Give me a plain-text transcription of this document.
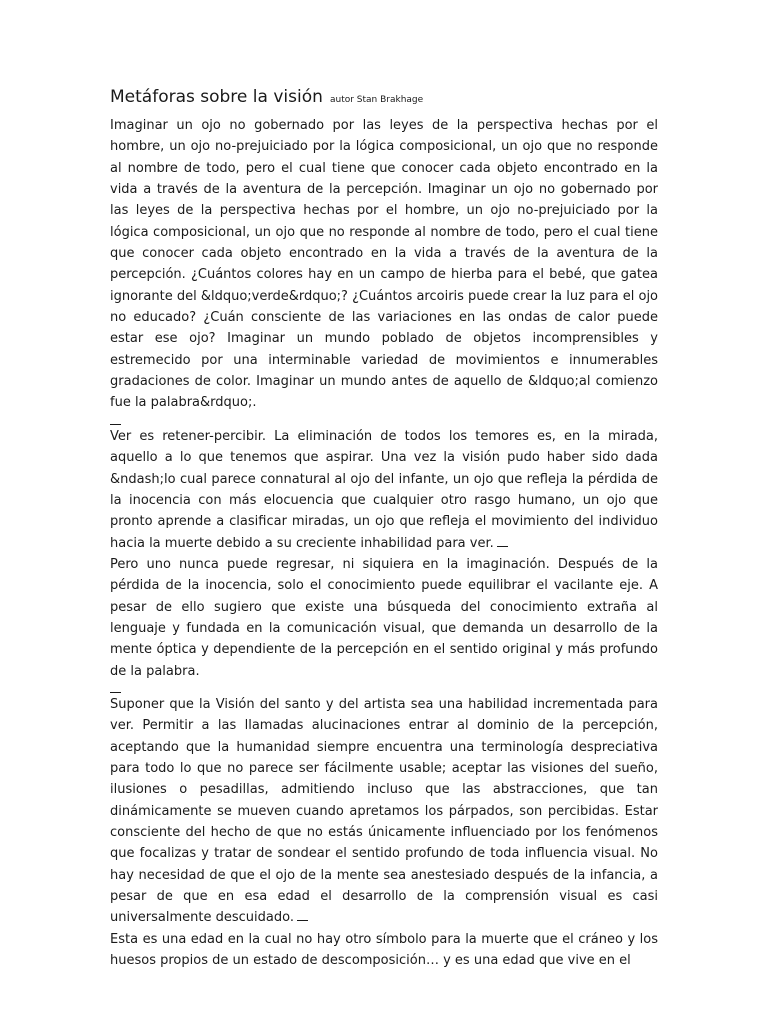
Metáforas sobre la visión autor Stan Brakhage
Imaginar un ojo no gobernado por las leyes de la perspectiva hechas por el hombre, un ojo no-prejuiciado por la lógica composicional, un ojo que no responde al nombre de todo, pero el cual tiene que conocer cada objeto encontrado en la vida a través de la aventura de la percepción. Imaginar un ojo no gobernado por las leyes de la perspectiva hechas por el hombre, un ojo no-prejuiciado por la lógica composicional, un ojo que no responde al nombre de todo, pero el cual tiene que conocer cada objeto encontrado en la vida a través de la aventura de la percepción. ¿Cuántos colores hay en un campo de hierba para el bebé, que gatea ignorante del &ldquo;verde&rdquo;? ¿Cuántos arcoiris puede crear la luz para el ojo no educado? ¿Cuán consciente de las variaciones en las ondas de calor puede estar ese ojo? Imaginar un mundo poblado de objetos incomprensibles y estremecido por una interminable variedad de movimientos e innumerables gradaciones de color. Imaginar un mundo antes de aquello de &ldquo;al comienzo fue la palabra&rdquo;.
Ver es retener-percibir. La eliminación de todos los temores es, en la mirada, aquello a lo que tenemos que aspirar. Una vez la visión pudo haber sido dada &ndash;lo cual parece connatural al ojo del infante, un ojo que refleja la pérdida de la inocencia con más elocuencia que cualquier otro rasgo humano, un ojo que pronto aprende a clasificar miradas, un ojo que refleja el movimiento del individuo hacia la muerte debido a su creciente inhabilidad para ver.
Pero uno nunca puede regresar, ni siquiera en la imaginación. Después de la pérdida de la inocencia, solo el conocimiento puede equilibrar el vacilante eje. A pesar de ello sugiero que existe una búsqueda del conocimiento extraña al lenguaje y fundada en la comunicación visual, que demanda un desarrollo de la mente óptica y dependiente de la percepción en el sentido original y más profundo de la palabra.
Suponer que la Visión del santo y del artista sea una habilidad incrementada para ver. Permitir a las llamadas alucinaciones entrar al dominio de la percepción, aceptando que la humanidad siempre encuentra una terminología despreciativa para todo lo que no parece ser fácilmente usable; aceptar las visiones del sueño, ilusiones o pesadillas, admitiendo incluso que las abstracciones, que tan dinámicamente se mueven cuando apretamos los párpados, son percibidas. Estar consciente del hecho de que no estás únicamente influenciado por los fenómenos que focalizas y tratar de sondear el sentido profundo de toda influencia visual. No hay necesidad de que el ojo de la mente sea anestesiado después de la infancia, a pesar de que en esa edad el desarrollo de la comprensión visual es casi universalmente descuidado.
Esta es una edad en la cual no hay otro símbolo para la muerte que el cráneo y los huesos propios de un estado de descomposición… y es una edad que vive en el
